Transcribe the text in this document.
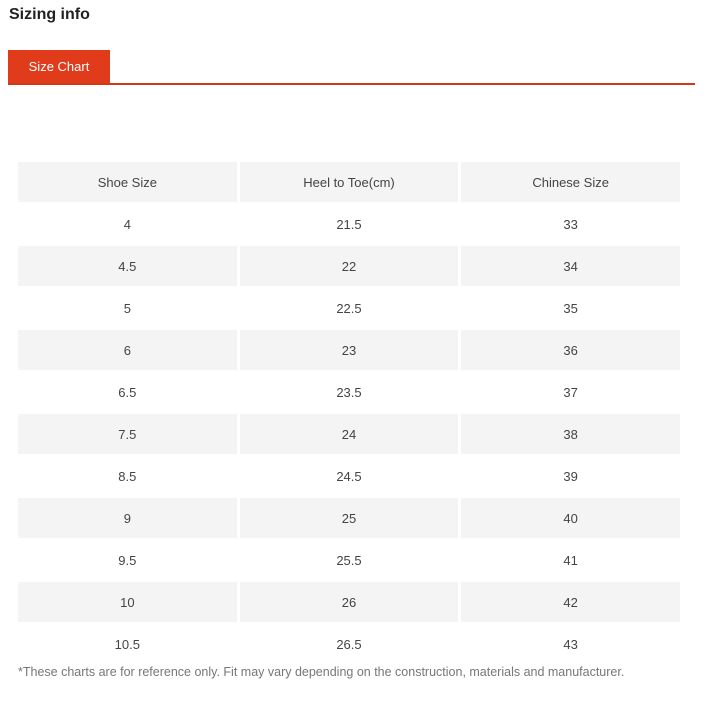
Sizing info
Size Chart
Shoe Size	Heel to Toe(cm)	Chinese Size
4	21.5	33
4.5	22	34
5	22.5	35
6	23	36
6.5	23.5	37
7.5	24	38
8.5	24.5	39
9	25	40
9.5	25.5	41
10	26	42
10.5	26.5	43
*These charts are for reference only. Fit may vary depending on the construction, materials and manufacturer.
